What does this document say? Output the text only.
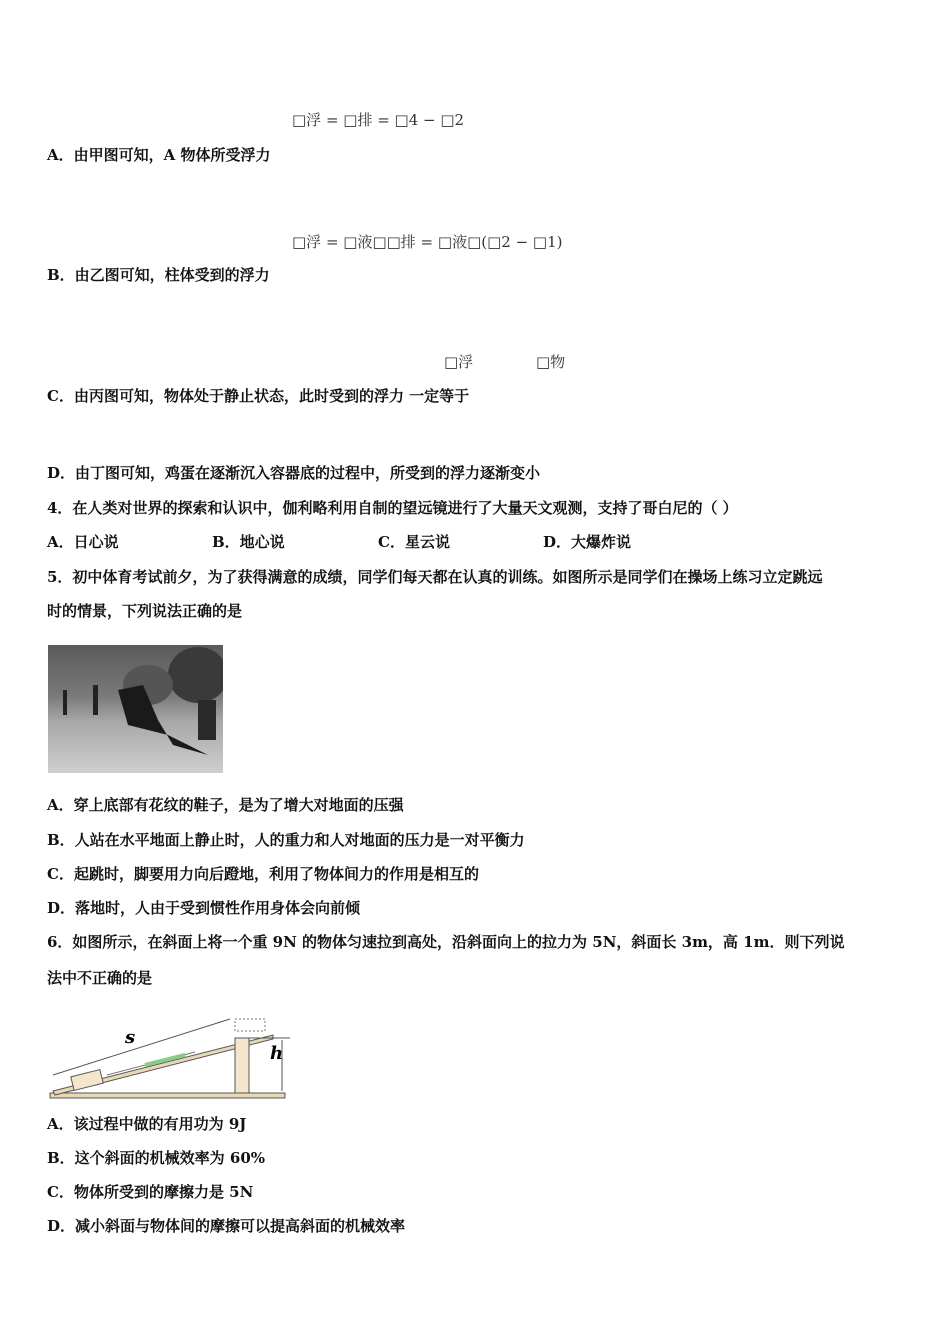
□浮 = □排 = □4 − □2
A．由甲图可知，A 物体所受浮力
□浮 = □液□□排 = □液□(□2 − □1)
B．由乙图可知，柱体受到的浮力
□浮	□物
C．由丙图可知，物体处于静止状态，此时受到的浮力 一定等于
D．由丁图可知，鸡蛋在逐渐沉入容器底的过程中，所受到的浮力逐渐变小
4．在人类对世界的探索和认识中，伽利略利用自制的望远镜进行了大量天文观测，支持了哥白尼的（ ）
A．日心说	B．地心说	C．星云说	D．大爆炸说
5．初中体育考试前夕，为了获得满意的成绩，同学们每天都在认真的训练。如图所示是同学们在操场上练习立定跳远
时的情景，下列说法正确的是
A．穿上底部有花纹的鞋子，是为了增大对地面的压强
B．人站在水平地面上静止时，人的重力和人对地面的压力是一对平衡力
C．起跳时，脚要用力向后蹬地，利用了物体间力的作用是相互的
D．落地时，人由于受到惯性作用身体会向前倾
6．如图所示，在斜面上将一个重 9N 的物体匀速拉到高处，沿斜面向上的拉力为 5N，斜面长 3m，高 1m．则下列说
法中不正确的是
s
h
A．该过程中做的有用功为 9J
B．这个斜面的机械效率为 60%
C．物体所受到的摩擦力是 5N
D．减小斜面与物体间的摩擦可以提高斜面的机械效率
